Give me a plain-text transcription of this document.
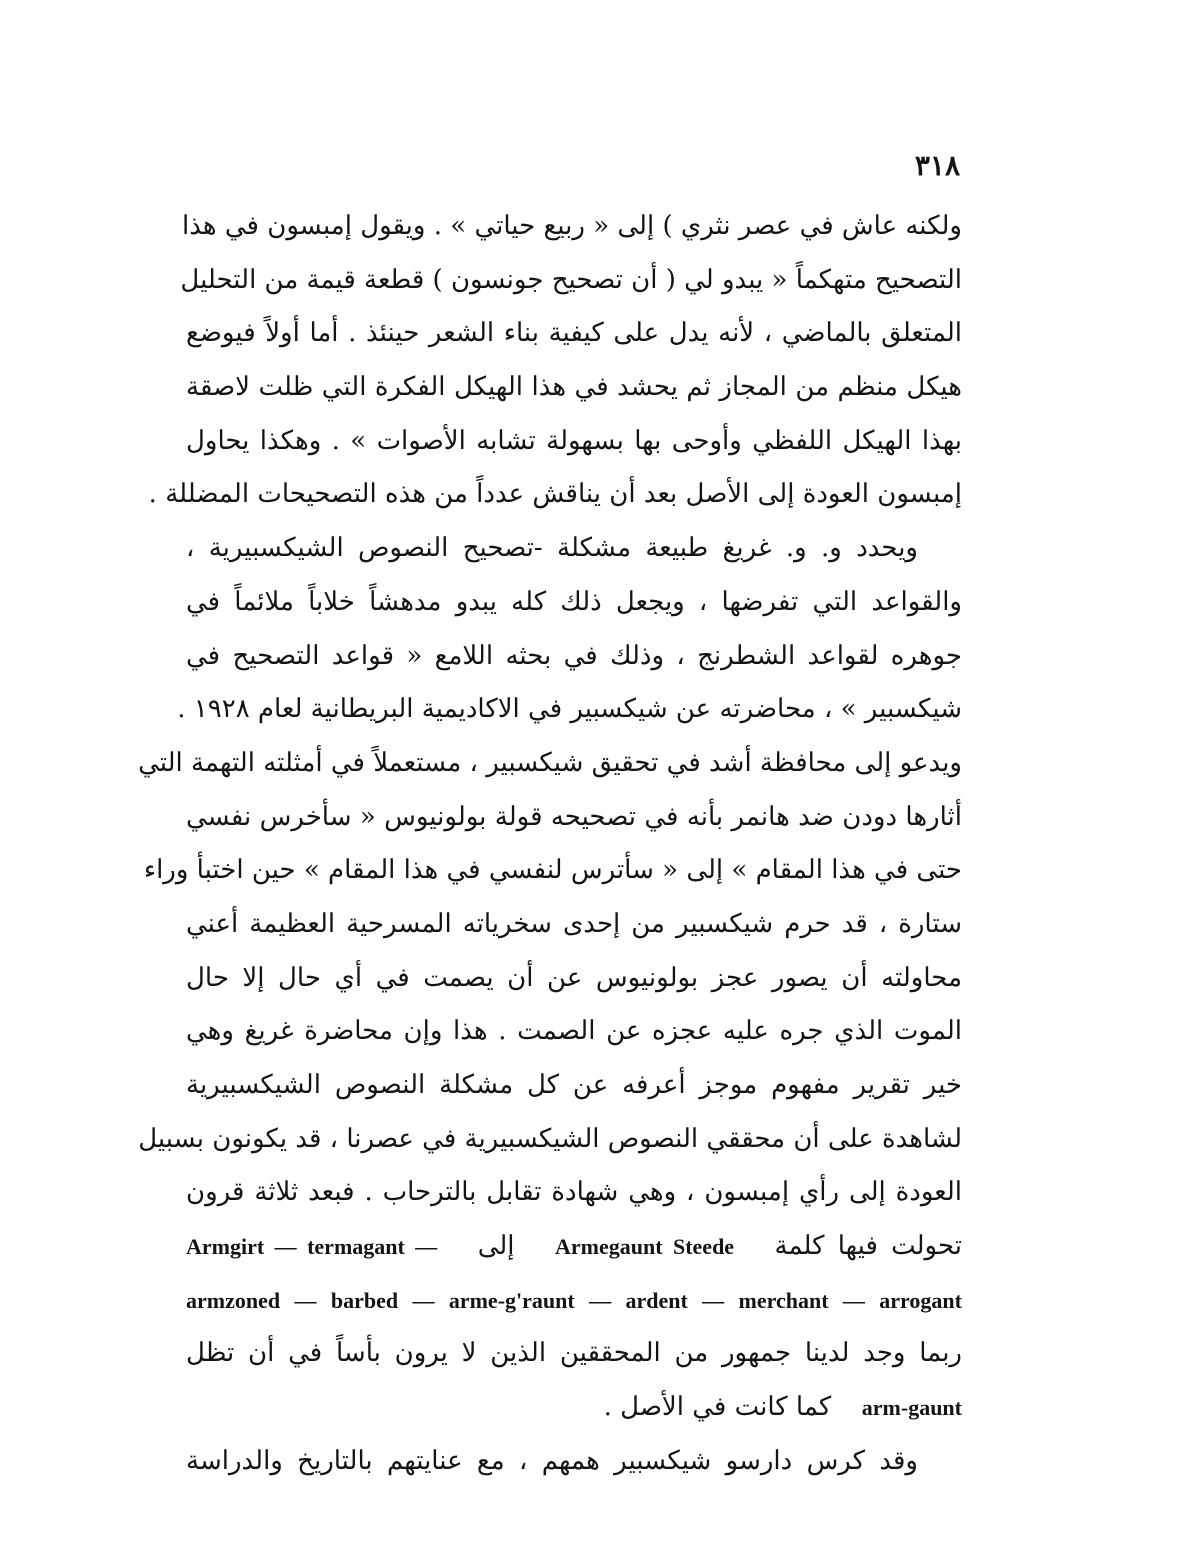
٣١٨
ولكنه عاش في عصر نثري ) إلى « ربيع حياتي » . ويقول إمبسون في هذا
التصحيح متهكماً « يبدو لي ( أن تصحيح جونسون ) قطعة قيمة من التحليل
المتعلق بالماضي ، لأنه يدل على كيفية بناء الشعر حينئذ . أما أولاً فيوضع
هيكل منظم من المجاز ثم يحشد في هذا الهيكل الفكرة التي ظلت لاصقة
بهذا الهيكل اللفظي وأوحى بها بسهولة تشابه الأصوات » . وهكذا يحاول
إمبسون العودة إلى الأصل بعد أن يناقش عدداً من هذه التصحيحات المضللة .
ويحدد و. و. غريغ طبيعة مشكلة -تصحيح النصوص الشيكسبيرية ،
والقواعد التي تفرضها ، ويجعل ذلك كله يبدو مدهشاً خلاباً ملائماً في
جوهره لقواعد الشطرنج ، وذلك في بحثه اللامع « قواعد التصحيح في
شيكسبير » ، محاضرته عن شيكسبير في الاكاديمية البريطانية لعام ١٩٢٨ .
ويدعو إلى محافظة أشد في تحقيق شيكسبير ، مستعملاً في أمثلته التهمة التي
أثارها دودن ضد هانمر بأنه في تصحيحه قولة بولونيوس « سأخرس نفسي
حتى في هذا المقام » إلى « سأترس لنفسي في هذا المقام » حين اختبأ وراء
ستارة ، قد حرم شيكسبير من إحدى سخرياته المسرحية العظيمة أعني
محاولته أن يصور عجز بولونيوس عن أن يصمت في أي حال إلا حال
الموت الذي جره عليه عجزه عن الصمت . هذا وإن محاضرة غريغ وهي
خير تقرير مفهوم موجز أعرفه عن كل مشكلة النصوص الشيكسبيرية
لشاهدة على أن محققي النصوص الشيكسبيرية في عصرنا ، قد يكونون بسبيل
العودة إلى رأي إمبسون ، وهي شهادة تقابل بالترحاب . فبعد ثلاثة قرون
تحولت فيها كلمة  Armegaunt Steede  إلى  Armgirt — termagant —
armzoned — barbed — arme-g'raunt — ardent — merchant — arrogant
ربما وجد لدينا جمهور من المحققين الذين لا يرون بأساً في أن تظل
arm-gaunt  كما كانت في الأصل .
وقد كرس دارسو شيكسبير همهم ، مع عنايتهم بالتاريخ والدراسة
